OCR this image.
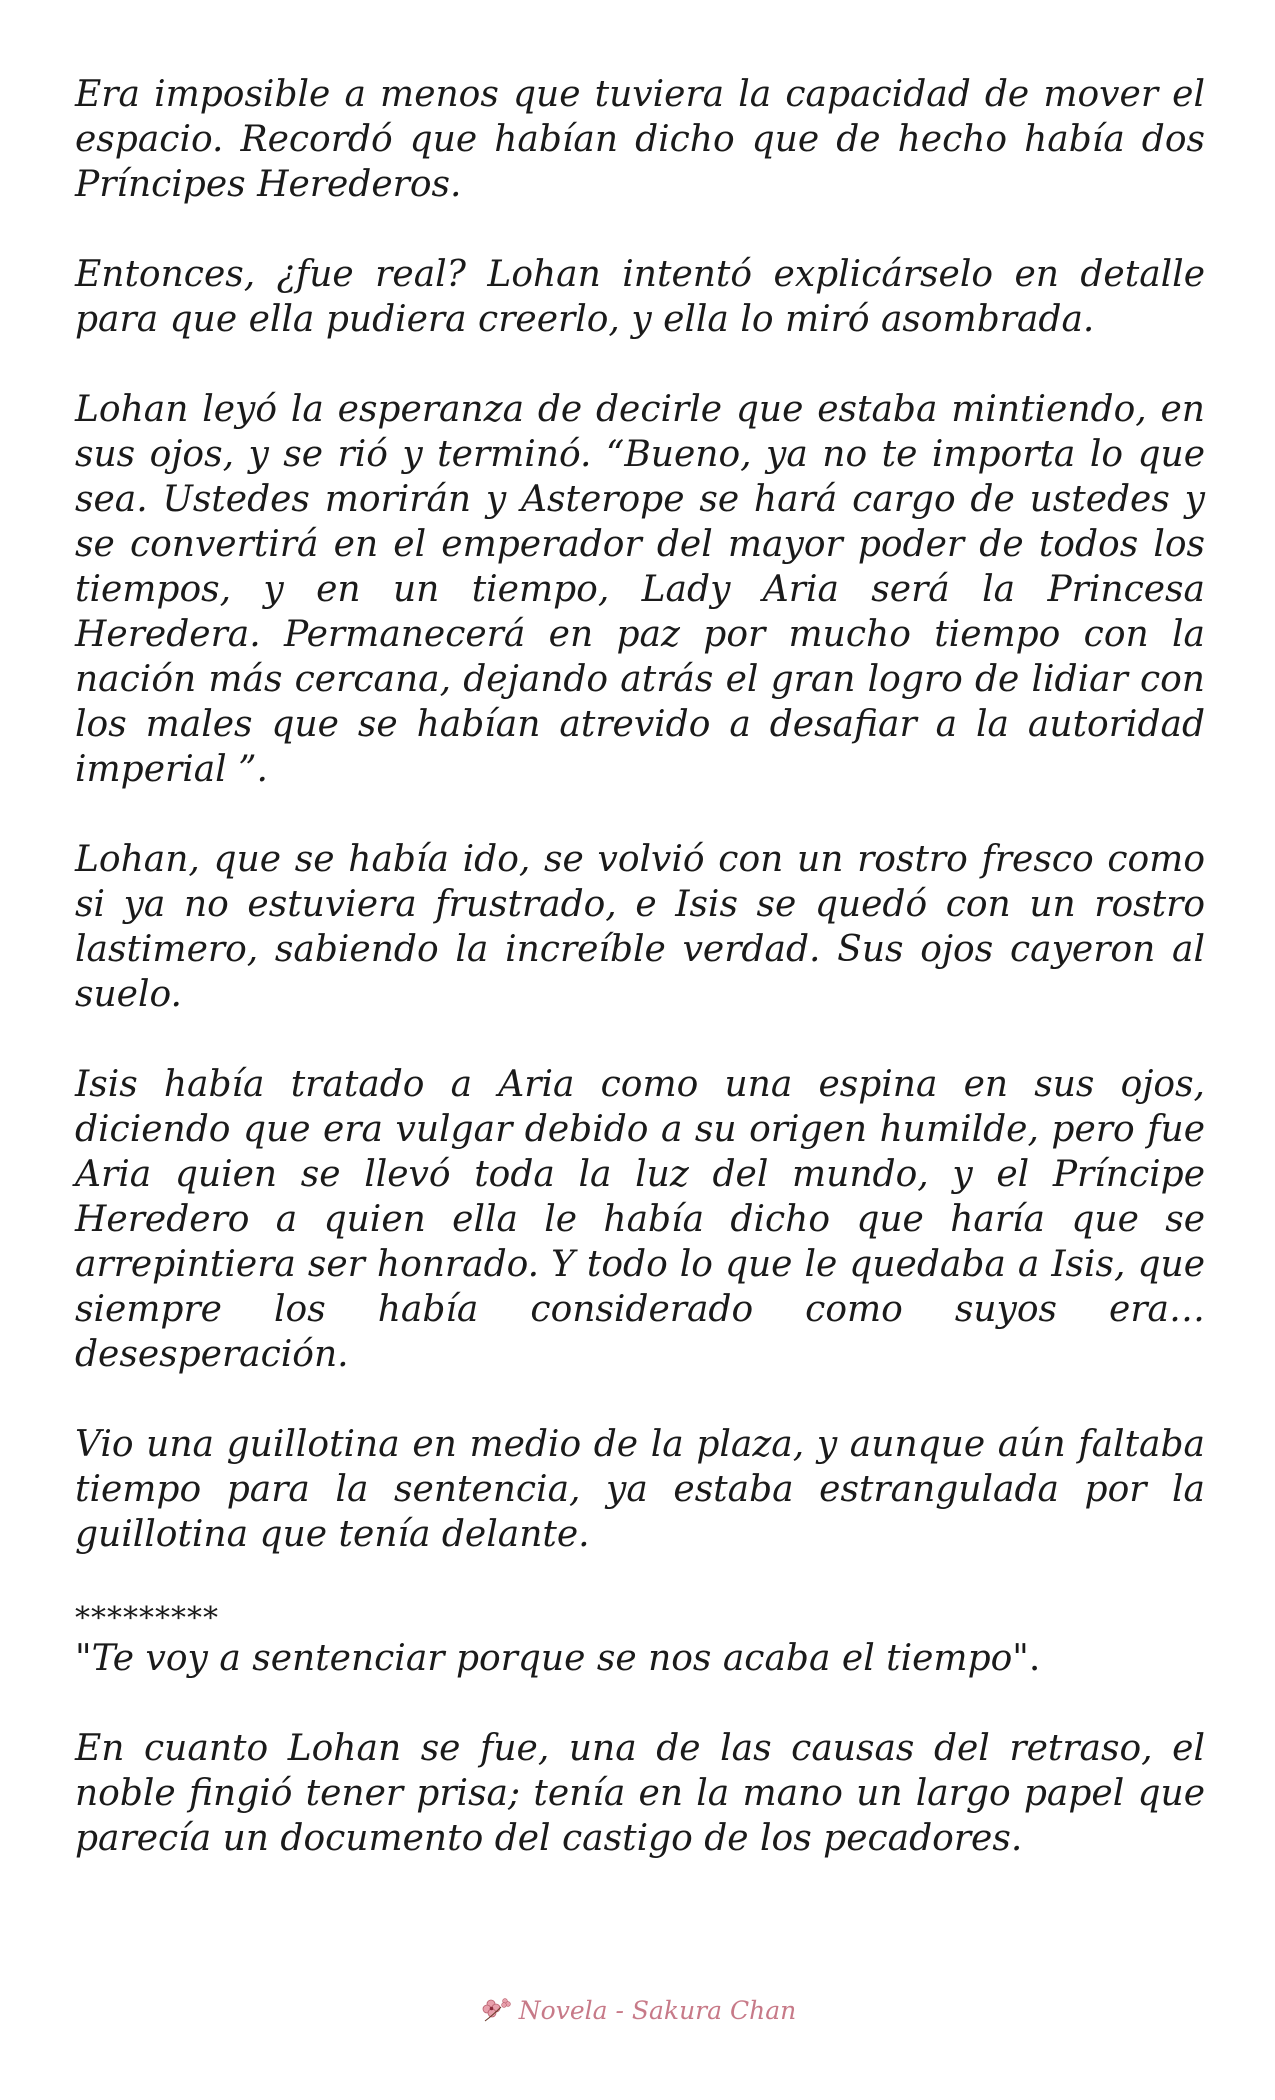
Era imposible a menos que tuviera la capacidad de mover el espacio. Recordó que habían dicho que de hecho había dos Príncipes Herederos.

Entonces, ¿fue real? Lohan intentó explicárselo en detalle para que ella pudiera creerlo, y ella lo miró asombrada.

Lohan leyó la esperanza de decirle que estaba mintiendo, en sus ojos, y se rió y terminó. “Bueno, ya no te importa lo que sea. Ustedes morirán y Asterope se hará cargo de ustedes y se convertirá en el emperador del mayor poder de todos los tiempos, y en un tiempo, Lady Aria será la Princesa Heredera. Permanecerá en paz por mucho tiempo con la nación más cercana, dejando atrás el gran logro de lidiar con los males que se habían atrevido a desafiar a la autoridad imperial ”.

Lohan, que se había ido, se volvió con un rostro fresco como si ya no estuviera frustrado, e Isis se quedó con un rostro lastimero, sabiendo la increíble verdad. Sus ojos cayeron al suelo.

Isis había tratado a Aria como una espina en sus ojos, diciendo que era vulgar debido a su origen humilde, pero fue Aria quien se llevó toda la luz del mundo, y el Príncipe Heredero a quien ella le había dicho que haría que se arrepintiera ser honrado. Y todo lo que le quedaba a Isis, que siempre los había considerado como suyos era… desesperación.

Vio una guillotina en medio de la plaza, y aunque aún faltaba tiempo para la sentencia, ya estaba estrangulada por la guillotina que tenía delante.

*********

"Te voy a sentenciar porque se nos acaba el tiempo".

En cuanto Lohan se fue, una de las causas del retraso, el noble fingió tener prisa; tenía en la mano un largo papel que parecía un documento del castigo de los pecadores.

Novela - Sakura Chan
